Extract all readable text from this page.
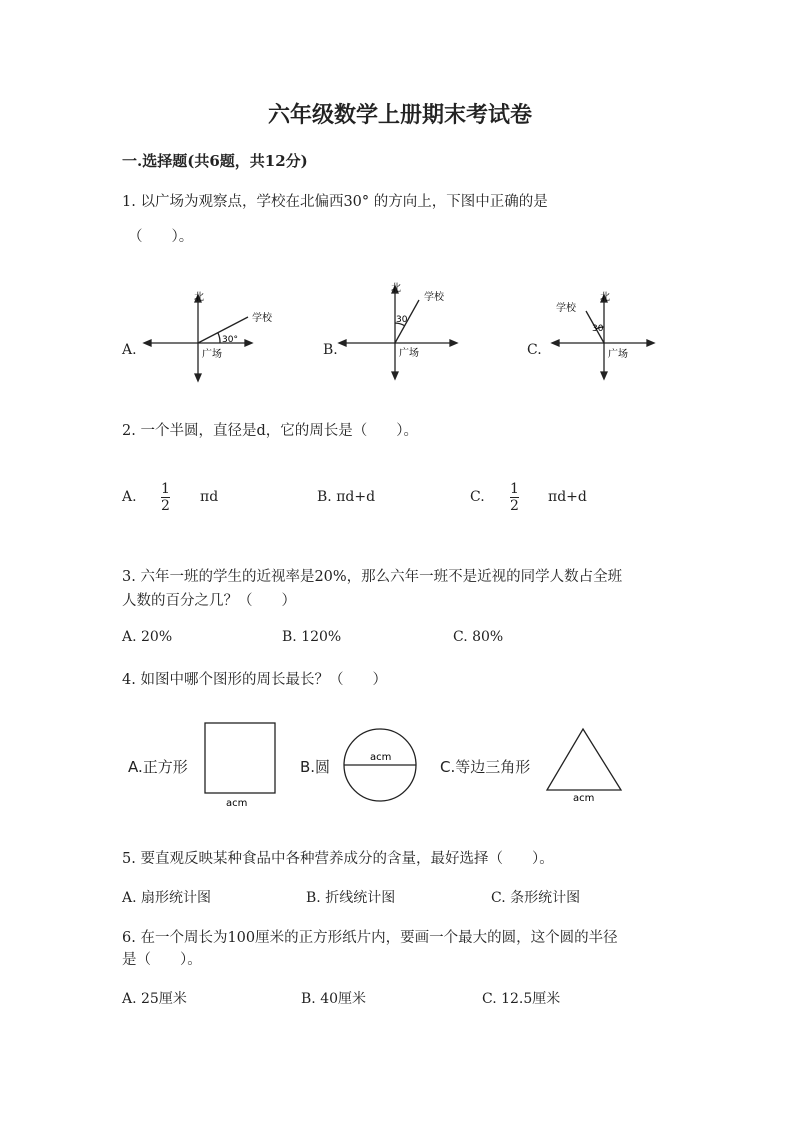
六年级数学上册期末考试卷
一.选择题(共6题，共12分)
1. 以广场为观察点，学校在北偏西30° 的方向上，下图中正确的是
（　　）。
A.	B.	C.
北
学校
30°
广场
北
学校
30
广场
北
学校
30
广场
2. 一个半圆，直径是d，它的周长是（　　）。
A. $\frac{1}{2}$ πd	B. πd+d	C. $\frac{1}{2} \pi d+d$
3. 六年一班的学生的近视率是20%，那么六年一班不是近视的同学人数占全班
人数的百分之几？（　　）
A. 20%	B. 120%	C. 80%
4. 如图中哪个图形的周长最长？（　　）
A.正方形	B.圆	C.等边三角形
acm
acm
acm
5. 要直观反映某种食品中各种营养成分的含量，最好选择（　　）。
A. 扇形统计图	B. 折线统计图	C. 条形统计图
6. 在一个周长为100厘米的正方形纸片内，要画一个最大的圆，这个圆的半径
是（　　）。
A. 25厘米	B. 40厘米	C. 12.5厘米
